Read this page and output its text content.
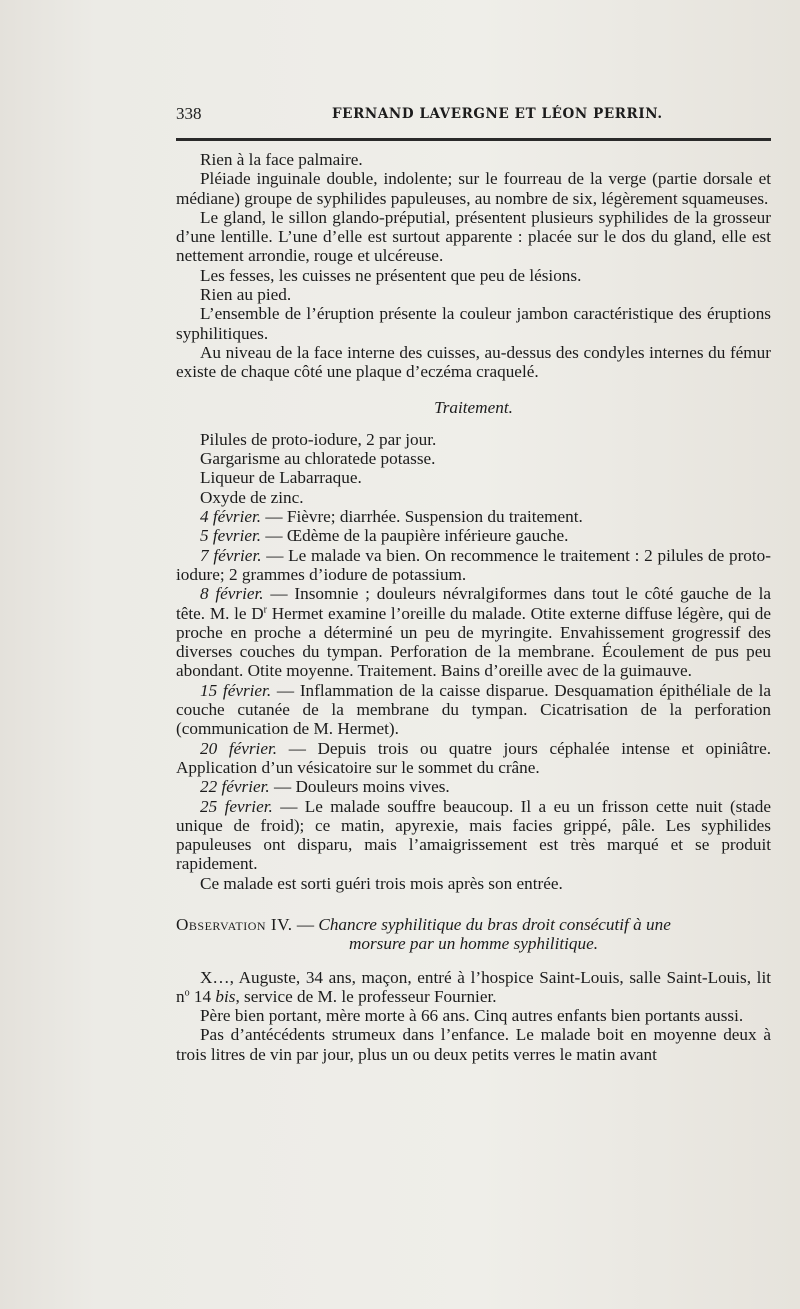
338	FERNAND LAVERGNE ET LÉON PERRIN.

Rien à la face palmaire.

Pléiade inguinale double, indolente; sur le fourreau de la verge (partie dorsale et médiane) groupe de syphilides papuleuses, au nombre de six, légèrement squameuses.

Le gland, le sillon glando-préputial, présentent plusieurs syphilides de la grosseur d’une lentille. L’une d’elle est surtout apparente : placée sur le dos du gland, elle est nettement arrondie, rouge et ulcéreuse.

Les fesses, les cuisses ne présentent que peu de lésions.

Rien au pied.

L’ensemble de l’éruption présente la couleur jambon caractéristique des éruptions syphilitiques.

Au niveau de la face interne des cuisses, au-dessus des condyles internes du fémur existe de chaque côté une plaque d’eczéma craquelé.

Traitement.

Pilules de proto-iodure, 2 par jour.

Gargarisme au chloratede potasse.

Liqueur de Labarraque.

Oxyde de zinc.

4 février. — Fièvre; diarrhée. Suspension du traitement.

5 fevrier. — Œdème de la paupière inférieure gauche.

7 février. — Le malade va bien. On recommence le traitement : 2 pilules de proto-iodure; 2 grammes d’iodure de potassium.

8 février. — Insomnie ; douleurs névralgiformes dans tout le côté gauche de la tête. M. le $D^r$ Hermet examine l’oreille du malade. Otite externe diffuse légère, qui de proche en proche a déterminé un peu de myringite. Envahissement grogressif des diverses couches du tympan. Perforation de la membrane. Écoulement de pus peu abondant. Otite moyenne. Traitement. Bains d’oreille avec de la guimauve.

15 février. — Inflammation de la caisse disparue. Desquamation épithéliale de la couche cutanée de la membrane du tympan. Cicatrisation de la perforation (communication de M. Hermet).

20 février. — Depuis trois ou quatre jours céphalée intense et opiniâtre. Application d’un vésicatoire sur le sommet du crâne.

22 février. — Douleurs moins vives.

25 fevrier. — Le malade souffre beaucoup. Il a eu un frisson cette nuit (stade unique de froid); ce matin, apyrexie, mais facies grippé, pâle. Les syphilides papuleuses ont disparu, mais l’amaigrissement est très marqué et se produit rapidement.

Ce malade est sorti guéri trois mois après son entrée.

Observation IV. — Chancre syphilitique du bras droit consécutif à une
morsure par un homme syphilitique.

X…, Auguste, 34 ans, maçon, entré à l’hospice Saint-Louis, salle Saint-Louis, lit $n^o$ 14 bis, service de M. le professeur Fournier.

Père bien portant, mère morte à 66 ans. Cinq autres enfants bien portants aussi.

Pas d’antécédents strumeux dans l’enfance. Le malade boit en moyenne deux à trois litres de vin par jour, plus un ou deux petits verres le matin avant
